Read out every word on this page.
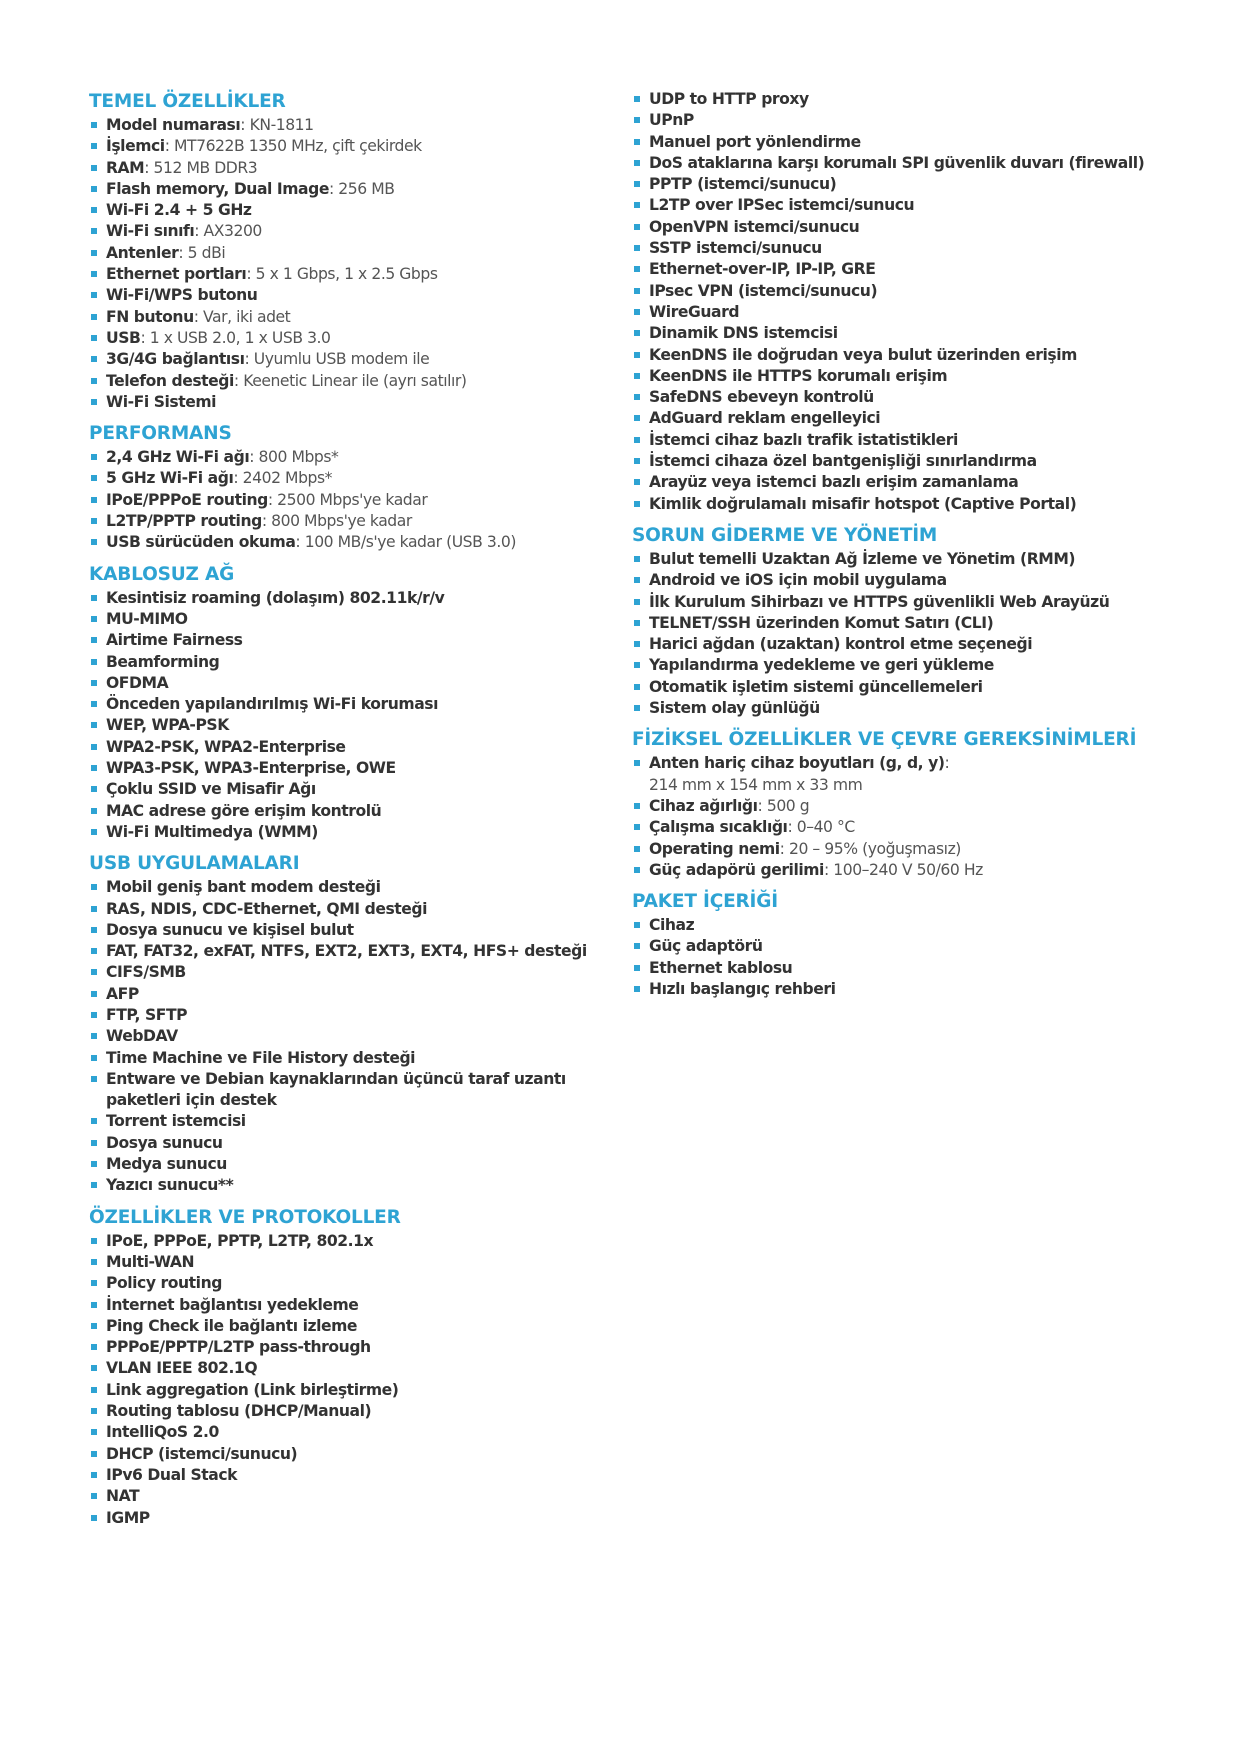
TEMEL ÖZELLİKLER
Model numarası: KN-1811
İşlemci: MT7622B 1350 MHz, çift çekirdek
RAM: 512 MB DDR3
Flash memory, Dual Image: 256 MB
Wi-Fi 2.4 + 5 GHz
Wi-Fi sınıfı: AX3200
Antenler: 5 dBi
Ethernet portları: 5 x 1 Gbps, 1 x 2.5 Gbps
Wi-Fi/WPS butonu
FN butonu: Var, iki adet
USB: 1 x USB 2.0, 1 x USB 3.0
3G/4G bağlantısı: Uyumlu USB modem ile
Telefon desteği: Keenetic Linear ile (ayrı satılır)
Wi-Fi Sistemi
PERFORMANS
2,4 GHz Wi-Fi ağı: 800 Mbps*
5 GHz Wi-Fi ağı: 2402 Mbps*
IPoE/PPPoE routing: 2500 Mbps'ye kadar
L2TP/PPTP routing: 800 Mbps'ye kadar
USB sürücüden okuma: 100 MB/s'ye kadar (USB 3.0)
KABLOSUZ AĞ
Kesintisiz roaming (dolaşım) 802.11k/r/v
MU-MIMO
Airtime Fairness
Beamforming
OFDMA
Önceden yapılandırılmış Wi-Fi koruması
WEP, WPA-PSK
WPA2-PSK, WPA2-Enterprise
WPA3-PSK, WPA3-Enterprise, OWE
Çoklu SSID ve Misafir Ağı
MAC adrese göre erişim kontrolü
Wi-Fi Multimedya (WMM)
USB UYGULAMALARI
Mobil geniş bant modem desteği
RAS, NDIS, CDC-Ethernet, QMI desteği
Dosya sunucu ve kişisel bulut
FAT, FAT32, exFAT, NTFS, EXT2, EXT3, EXT4, HFS+ desteği
CIFS/SMB
AFP
FTP, SFTP
WebDAV
Time Machine ve File History desteği
Entware ve Debian kaynaklarından üçüncü taraf uzantı paketleri için destek
Torrent istemcisi
Dosya sunucu
Medya sunucu
Yazıcı sunucu**
ÖZELLİKLER VE PROTOKOLLER
IPoE, PPPoE, PPTP, L2TP, 802.1x
Multi-WAN
Policy routing
İnternet bağlantısı yedekleme
Ping Check ile bağlantı izleme
PPPoE/PPTP/L2TP pass-through
VLAN IEEE 802.1Q
Link aggregation (Link birleştirme)
Routing tablosu (DHCP/Manual)
IntelliQoS 2.0
DHCP (istemci/sunucu)
IPv6 Dual Stack
NAT
IGMP
UDP to HTTP proxy
UPnP
Manuel port yönlendirme
DoS ataklarına karşı korumalı SPI güvenlik duvarı (firewall)
PPTP (istemci/sunucu)
L2TP over IPSec istemci/sunucu
OpenVPN istemci/sunucu
SSTP istemci/sunucu
Ethernet-over-IP, IP-IP, GRE
IPsec VPN (istemci/sunucu)
WireGuard
Dinamik DNS istemcisi
KeenDNS ile doğrudan veya bulut üzerinden erişim
KeenDNS ile HTTPS korumalı erişim
SafeDNS ebeveyn kontrolü
AdGuard reklam engelleyici
İstemci cihaz bazlı trafik istatistikleri
İstemci cihaza özel bantgenişliği sınırlandırma
Arayüz veya istemci bazlı erişim zamanlama
Kimlik doğrulamalı misafir hotspot (Captive Portal)
SORUN GİDERME VE YÖNETİM
Bulut temelli Uzaktan Ağ İzleme ve Yönetim (RMM)
Android ve iOS için mobil uygulama
İlk Kurulum Sihirbazı ve HTTPS güvenlikli Web Arayüzü
TELNET/SSH üzerinden Komut Satırı (CLI)
Harici ağdan (uzaktan) kontrol etme seçeneği
Yapılandırma yedekleme ve geri yükleme
Otomatik işletim sistemi güncellemeleri
Sistem olay günlüğü
FİZİKSEL ÖZELLİKLER VE ÇEVRE GEREKSİNİMLERİ
Anten hariç cihaz boyutları (g, d, y):
214 mm x 154 mm x 33 mm
Cihaz ağırlığı: 500 g
Çalışma sıcaklığı: 0–40 °C
Operating nemi: 20 – 95% (yoğuşmasız)
Güç adapörü gerilimi: 100–240 V 50/60 Hz
PAKET İÇERİĞİ
Cihaz
Güç adaptörü
Ethernet kablosu
Hızlı başlangıç rehberi
